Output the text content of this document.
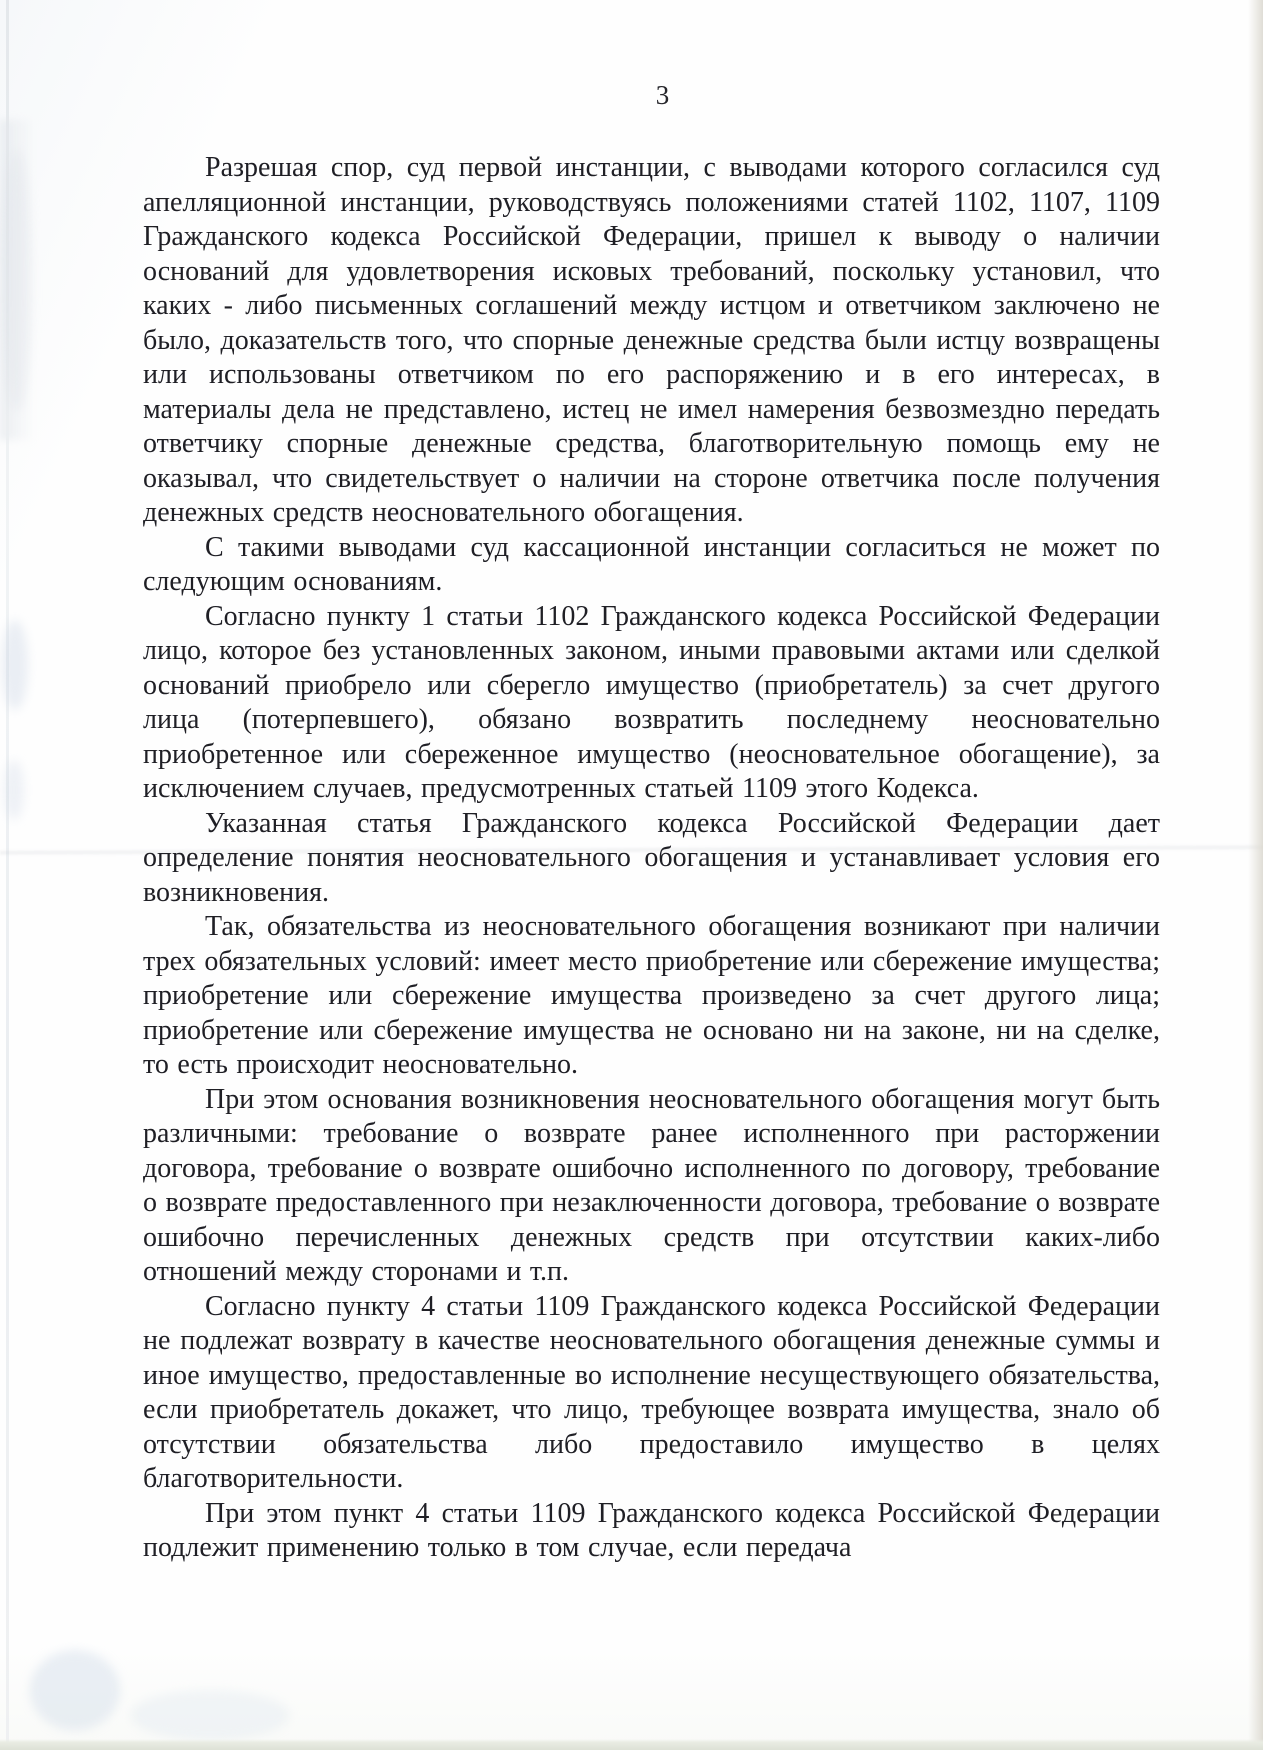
3

Разрешая спор, суд первой инстанции, с выводами которого согласился суд апелляционной инстанции, руководствуясь положениями статей 1102, 1107, 1109 Гражданского кодекса Российской Федерации, пришел к выводу о наличии оснований для удовлетворения исковых требований, поскольку установил, что каких - либо письменных соглашений между истцом и ответчиком заключено не было, доказательств того, что спорные денежные средства были истцу возвращены или использованы ответчиком по его распоряжению и в его интересах, в материалы дела не представлено, истец не имел намерения безвозмездно передать ответчику спорные денежные средства, благотворительную помощь ему не оказывал, что свидетельствует о наличии на стороне ответчика после получения денежных средств неосновательного обогащения.

С такими выводами суд кассационной инстанции согласиться не может по следующим основаниям.

Согласно пункту 1 статьи 1102 Гражданского кодекса Российской Федерации лицо, которое без установленных законом, иными правовыми актами или сделкой оснований приобрело или сберегло имущество (приобретатель) за счет другого лица (потерпевшего), обязано возвратить последнему неосновательно приобретенное или сбереженное имущество (неосновательное обогащение), за исключением случаев, предусмотренных статьей 1109 этого Кодекса.

Указанная статья Гражданского кодекса Российской Федерации дает определение понятия неосновательного обогащения и устанавливает условия его возникновения.

Так, обязательства из неосновательного обогащения возникают при наличии трех обязательных условий: имеет место приобретение или сбережение имущества; приобретение или сбережение имущества произведено за счет другого лица; приобретение или сбережение имущества не основано ни на законе, ни на сделке, то есть происходит неосновательно.

При этом основания возникновения неосновательного обогащения могут быть различными: требование о возврате ранее исполненного при расторжении договора, требование о возврате ошибочно исполненного по договору, требование о возврате предоставленного при незаключенности договора, требование о возврате ошибочно перечисленных денежных средств при отсутствии каких-либо отношений между сторонами и т.п.

Согласно пункту 4 статьи 1109 Гражданского кодекса Российской Федерации не подлежат возврату в качестве неосновательного обогащения денежные суммы и иное имущество, предоставленные во исполнение несуществующего обязательства, если приобретатель докажет, что лицо, требующее возврата имущества, знало об отсутствии обязательства либо предоставило имущество в целях благотворительности.

При этом пункт 4 статьи 1109 Гражданского кодекса Российской Федерации подлежит применению только в том случае, если передача
